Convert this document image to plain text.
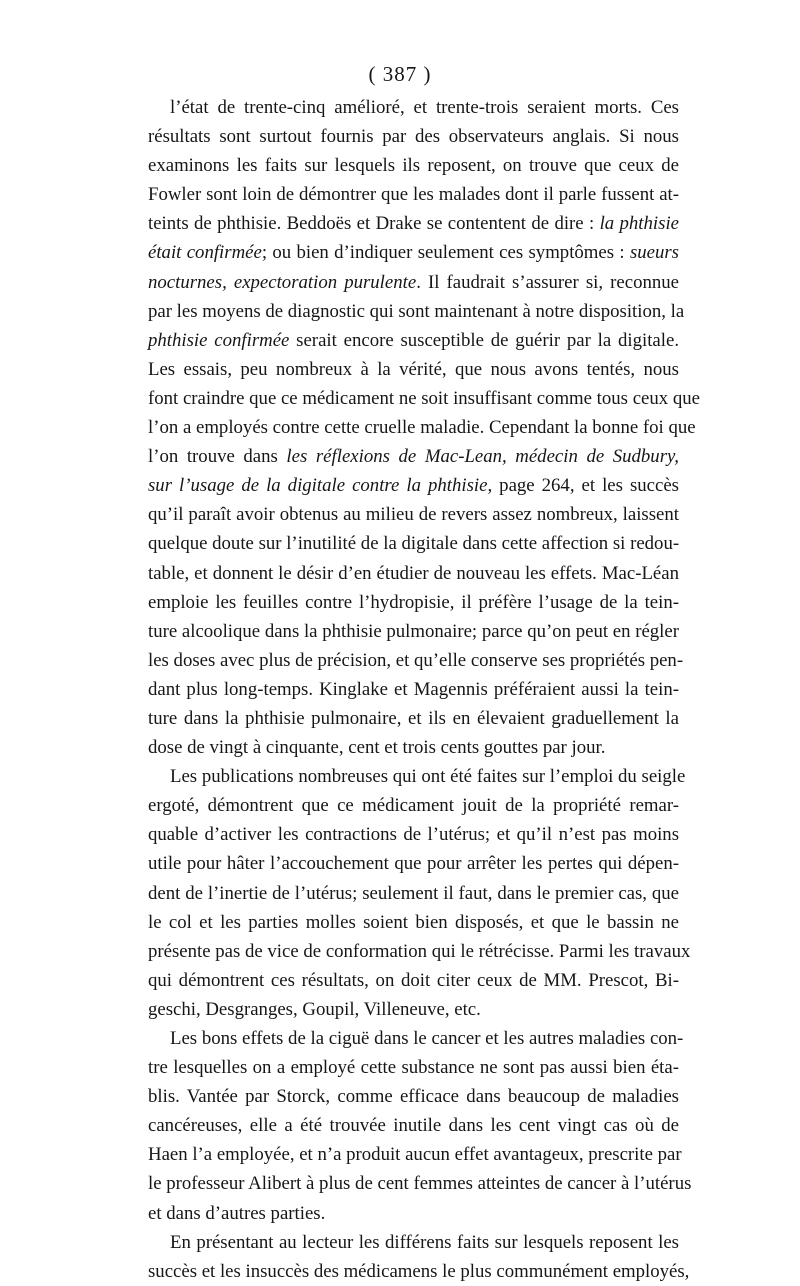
( 387 )
l’état de trente-cinq amélioré, et trente-trois seraient morts. Ces
résultats sont surtout fournis par des observateurs anglais. Si nous
examinons les faits sur lesquels ils reposent, on trouve que ceux de
Fowler sont loin de démontrer que les malades dont il parle fussent at-
teints de phthisie. Beddoës et Drake se contentent de dire : la phthisie
était confirmée; ou bien d’indiquer seulement ces symptômes : sueurs
nocturnes, expectoration purulente. Il faudrait s’assurer si, reconnue
par les moyens de diagnostic qui sont maintenant à notre disposition, la
phthisie confirmée serait encore susceptible de guérir par la digitale.
Les essais, peu nombreux à la vérité, que nous avons tentés, nous
font craindre que ce médicament ne soit insuffisant comme tous ceux que
l’on a employés contre cette cruelle maladie. Cependant la bonne foi que
l’on trouve dans les réflexions de Mac-Lean, médecin de Sudbury,
sur l’usage de la digitale contre la phthisie, page 264, et les succès
qu’il paraît avoir obtenus au milieu de revers assez nombreux, laissent
quelque doute sur l’inutilité de la digitale dans cette affection si redou-
table, et donnent le désir d’en étudier de nouveau les effets. Mac-Léan
emploie les feuilles contre l’hydropisie, il préfère l’usage de la tein-
ture alcoolique dans la phthisie pulmonaire; parce qu’on peut en régler
les doses avec plus de précision, et qu’elle conserve ses propriétés pen-
dant plus long-temps. Kinglake et Magennis préféraient aussi la tein-
ture dans la phthisie pulmonaire, et ils en élevaient graduellement la
dose de vingt à cinquante, cent et trois cents gouttes par jour.
Les publications nombreuses qui ont été faites sur l’emploi du seigle
ergoté, démontrent que ce médicament jouit de la propriété remar-
quable d’activer les contractions de l’utérus; et qu’il n’est pas moins
utile pour hâter l’accouchement que pour arrêter les pertes qui dépen-
dent de l’inertie de l’utérus; seulement il faut, dans le premier cas, que
le col et les parties molles soient bien disposés, et que le bassin ne
présente pas de vice de conformation qui le rétrécisse. Parmi les travaux
qui démontrent ces résultats, on doit citer ceux de MM. Prescot, Bi-
geschi, Desgranges, Goupil, Villeneuve, etc.
Les bons effets de la ciguë dans le cancer et les autres maladies con-
tre lesquelles on a employé cette substance ne sont pas aussi bien éta-
blis. Vantée par Storck, comme efficace dans beaucoup de maladies
cancéreuses, elle a été trouvée inutile dans les cent vingt cas où de
Haen l’a employée, et n’a produit aucun effet avantageux, prescrite par
le professeur Alibert à plus de cent femmes atteintes de cancer à l’utérus
et dans d’autres parties.
En présentant au lecteur les différens faits sur lesquels reposent les
succès et les insuccès des médicamens le plus communément employés,
